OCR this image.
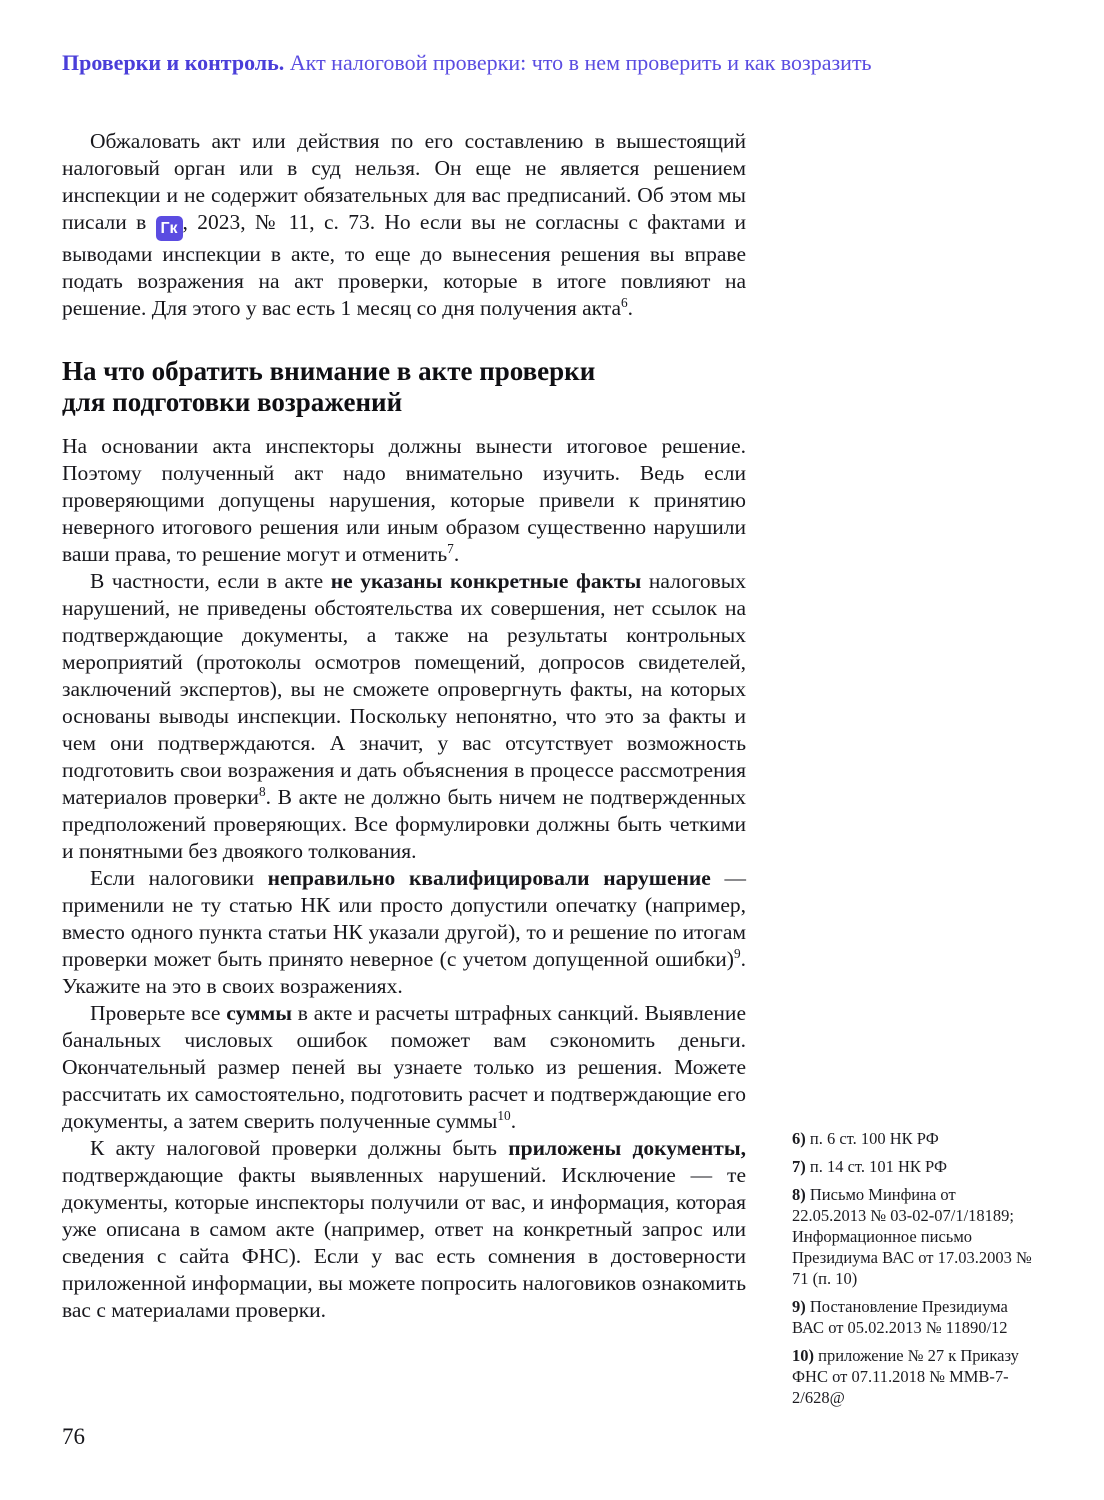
Проверки и контроль. Акт налоговой проверки: что в нем проверить и как возразить

Обжаловать акт или действия по его составлению в вышестоящий налоговый орган или в суд нельзя. Он еще не является решением инспекции и не содержит обязательных для вас предписаний. Об этом мы писали в Гк , 2023, № 11, с. 73. Но если вы не согласны с фактами и выводами инспекции в акте, то еще до вынесения решения вы вправе подать возражения на акт проверки, которые в итоге повлияют на решение. Для этого у вас есть 1 месяц со дня получения акта$^6$.

На что обратить внимание в акте проверки
для подготовки возражений

На основании акта инспекторы должны вынести итоговое решение. Поэтому полученный акт надо внимательно изучить. Ведь если проверяющими допущены нарушения, которые привели к принятию неверного итогового решения или иным образом существенно нарушили ваши права, то решение могут и отменить$^7$.

В частности, если в акте не указаны конкретные факты налоговых нарушений, не приведены обстоятельства их совершения, нет ссылок на подтверждающие документы, а также на результаты контрольных мероприятий (протоколы осмотров помещений, допросов свидетелей, заключений экспертов), вы не сможете опровергнуть факты, на которых основаны выводы инспекции. Поскольку непонятно, что это за факты и чем они подтверждаются. А значит, у вас отсутствует возможность подготовить свои возражения и дать объяснения в процессе рассмотрения материалов проверки$^8$. В акте не должно быть ничем не подтвержденных предположений проверяющих. Все формулировки должны быть четкими и понятными без двоякого толкования.

Если налоговики неправильно квалифицировали нарушение — применили не ту статью НК или просто допустили опечатку (например, вместо одного пункта статьи НК указали другой), то и решение по итогам проверки может быть принято неверное (с учетом допущенной ошибки)$^9$. Укажите на это в своих возражениях.

Проверьте все суммы в акте и расчеты штрафных санкций. Выявление банальных числовых ошибок поможет вам сэкономить деньги. Окончательный размер пеней вы узнаете только из решения. Можете рассчитать их самостоятельно, подготовить расчет и подтверждающие его документы, а затем сверить полученные суммы$^{10}$.

К акту налоговой проверки должны быть приложены документы, подтверждающие факты выявленных нарушений. Исключение — те документы, которые инспекторы получили от вас, и информация, которая уже описана в самом акте (например, ответ на конкретный запрос или сведения с сайта ФНС). Если у вас есть сомнения в достоверности приложенной информации, вы можете попросить налоговиков ознакомить вас с материалами проверки.

6) п. 6 ст. 100 НК РФ
7) п. 14 ст. 101 НК РФ
8) Письмо Минфина от 22.05.2013 № 03-02-07/1/18189; Информационное письмо Президиума ВАС от 17.03.2003 № 71 (п. 10)
9) Постановление Президиума ВАС от 05.02.2013 № 11890/12
10) приложение № 27 к Приказу ФНС от 07.11.2018 № ММВ-7-2/628@
76
